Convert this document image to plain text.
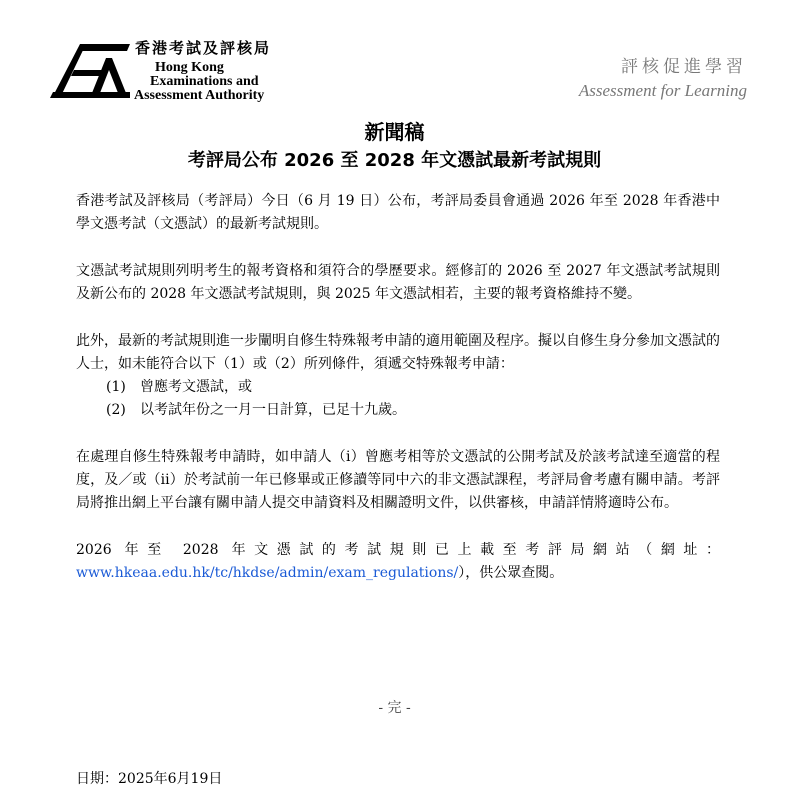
香港考試及評核局
Hong Kong
Examinations and
Assessment Authority
評核促進學習
Assessment for Learning
新聞稿
考評局公布 2026 至 2028 年文憑試最新考試規則

香港考試及評核局（考評局）今日（6 月 19 日）公布，考評局委員會通過 2026 年至 2028 年香港中學文憑考試（文憑試）的最新考試規則。

文憑試考試規則列明考生的報考資格和須符合的學歷要求。經修訂的 2026 至 2027 年文憑試考試規則及新公布的 2028 年文憑試考試規則，與 2025 年文憑試相若，主要的報考資格維持不變。

此外，最新的考試規則進一步闡明自修生特殊報考申請的適用範圍及程序。擬以自修生身分參加文憑試的人士，如未能符合以下（1）或（2）所列條件，須遞交特殊報考申請：

(1)	曾應考文憑試，或
(2)	以考試年份之一月一日計算，已足十九歲。

在處理自修生特殊報考申請時，如申請人（i）曾應考相等於文憑試的公開考試及於該考試達至適當的程度，及／或（ii）於考試前一年已修畢或正修讀等同中六的非文憑試課程，考評局會考慮有關申請。考評局將推出網上平台讓有關申請人提交申請資料及相關證明文件，以供審核，申請詳情將適時公布。

2026 年至 2028 年文憑試的考試規則已上載至考評局網站（網址：
www.hkeaa.edu.hk/tc/hkdse/admin/exam_regulations/），供公眾查閱。
- 完 -
日期：2025年6月19日
